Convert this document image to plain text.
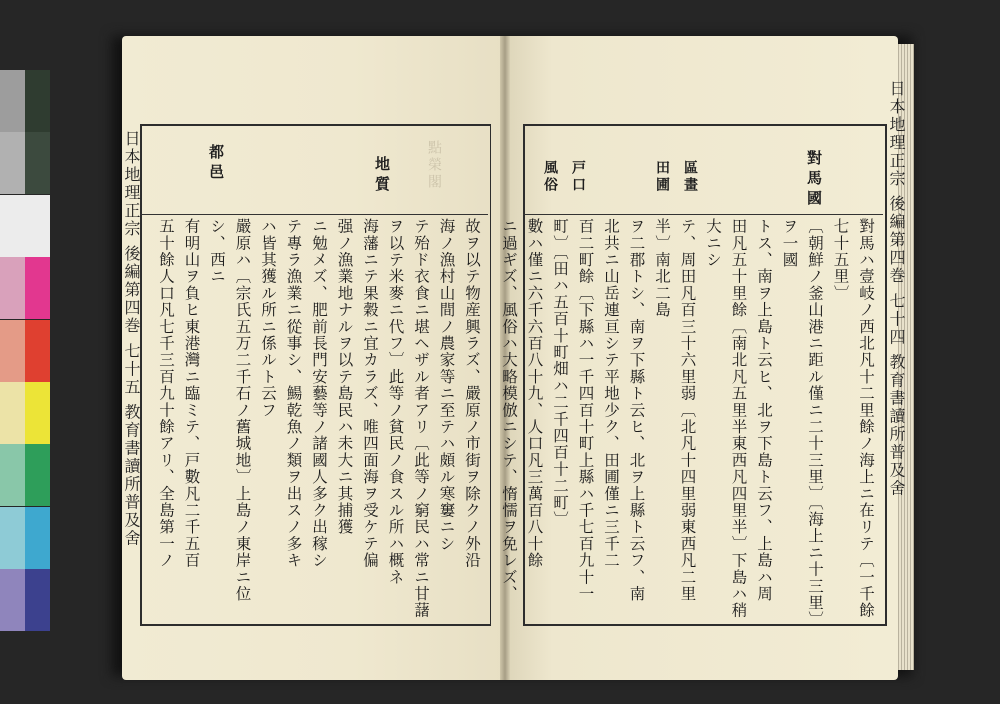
日本地理正宗 後編第四巻 七十五 教育書讀所普及舍	點榮閣
地質
都邑

故ヲ以テ物産興ラズ、嚴原ノ市街ヲ除クノ外沿

海ノ漁村山間ノ農家等ニ至テハ頗ル寒窶ニシ

テ殆ド衣食ニ堪ヘザル者アリ〔此等ノ窮民ハ常ニ甘藷ヲ以テ米麥ニ代フ〕此等ノ貧民ノ食スル所ハ概ネ

海藩ニテ果穀ニ宜カラズ、唯四面海ヲ受ケテ偏

强ノ漁業地ナルヲ以テ島民ハ未大ニ其捕獲

ニ勉メズ、肥前長門安藝等ノ諸國人多ク出稼シ

テ專ラ漁業ニ從事シ、鰑乾魚ノ類ヲ出スノ多キ

ハ皆其獲ル所ニ係ルト云フ

嚴原ハ〔宗氏五万二千石ノ舊城地〕上島ノ東岸ニ位シ、西ニ

有明山ヲ負ヒ東港灣ニ臨ミテ、戸數凡二千五百

五十餘人口凡七千三百九十餘アリ、全島第一ノ	日本地理正宗 後編第四巻 七十四 教育書讀所普及舍
對馬國
區畫
田圃
戸口
風俗

對馬ハ壹岐ノ西北凡十二里餘ノ海上ニ在リテ〔一千餘七十五里〕

〔朝鮮ノ釜山港ニ距ル僅ニ二十三里〕〔海上ニ十三里〕ヲ一國

トス、南ヲ上島ト云ヒ、北ヲ下島ト云フ、上島ハ周

田凡五十里餘〔南北凡五里半東西凡四里半〕下島ハ稍大ニシ

テ、周田凡百三十六里弱〔北凡十四里弱東西凡二里半〕南北二島

ヲ二郡トシ、南ヲ下縣ト云ヒ、北ヲ上縣ト云フ、南

北共ニ山岳連亘シテ平地少ク、田圃僅ニ三千二

百二町餘〔下縣ハ一千四百十町上縣ハ千七百九十一町〕〔田ハ五百十町畑ハ二千四百十二町〕

數ハ僅ニ六千六百八十九、人口凡三萬百八十餘

ニ過ギズ、風俗ハ大略模倣ニシテ、惰懦ヲ免レズ、
